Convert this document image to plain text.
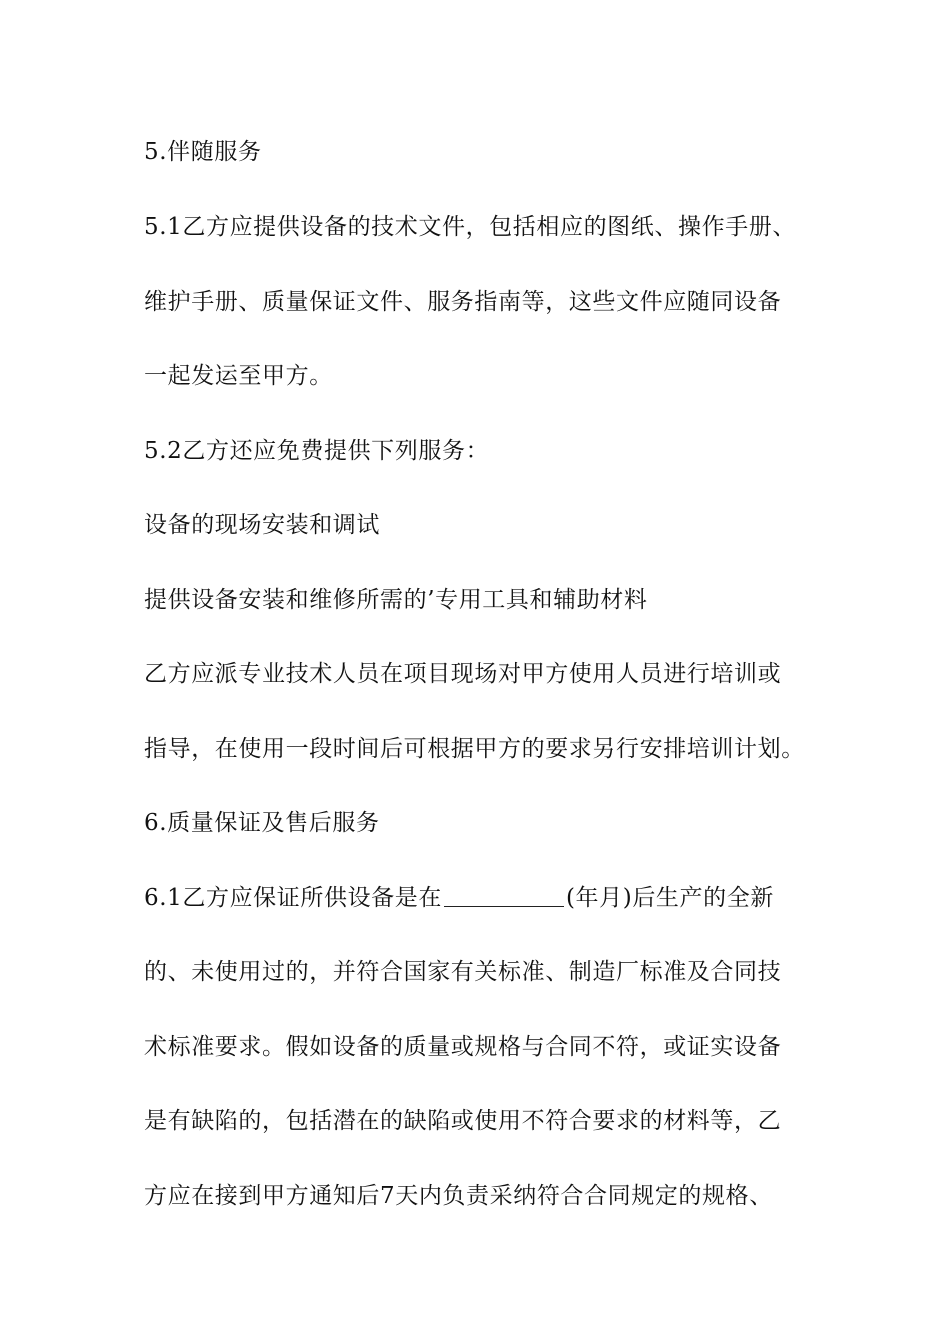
5.伴随服务
5.1乙方应提供设备的技术文件，包括相应的图纸、操作手册、
维护手册、质量保证文件、服务指南等，这些文件应随同设备
一起发运至甲方。
5.2乙方还应免费提供下列服务：
设备的现场安装和调试
提供设备安装和维修所需的’专用工具和辅助材料
乙方应派专业技术人员在项目现场对甲方使用人员进行培训或
指导，在使用一段时间后可根据甲方的要求另行安排培训计划。
6.质量保证及售后服务
6.1乙方应保证所供设备是在	(年月)后生产的全新
的、未使用过的，并符合国家有关标准、制造厂标准及合同技
术标准要求。假如设备的质量或规格与合同不符，或证实设备
是有缺陷的，包括潜在的缺陷或使用不符合要求的材料等，乙
方应在接到甲方通知后7天内负责采纳符合合同规定的规格、
